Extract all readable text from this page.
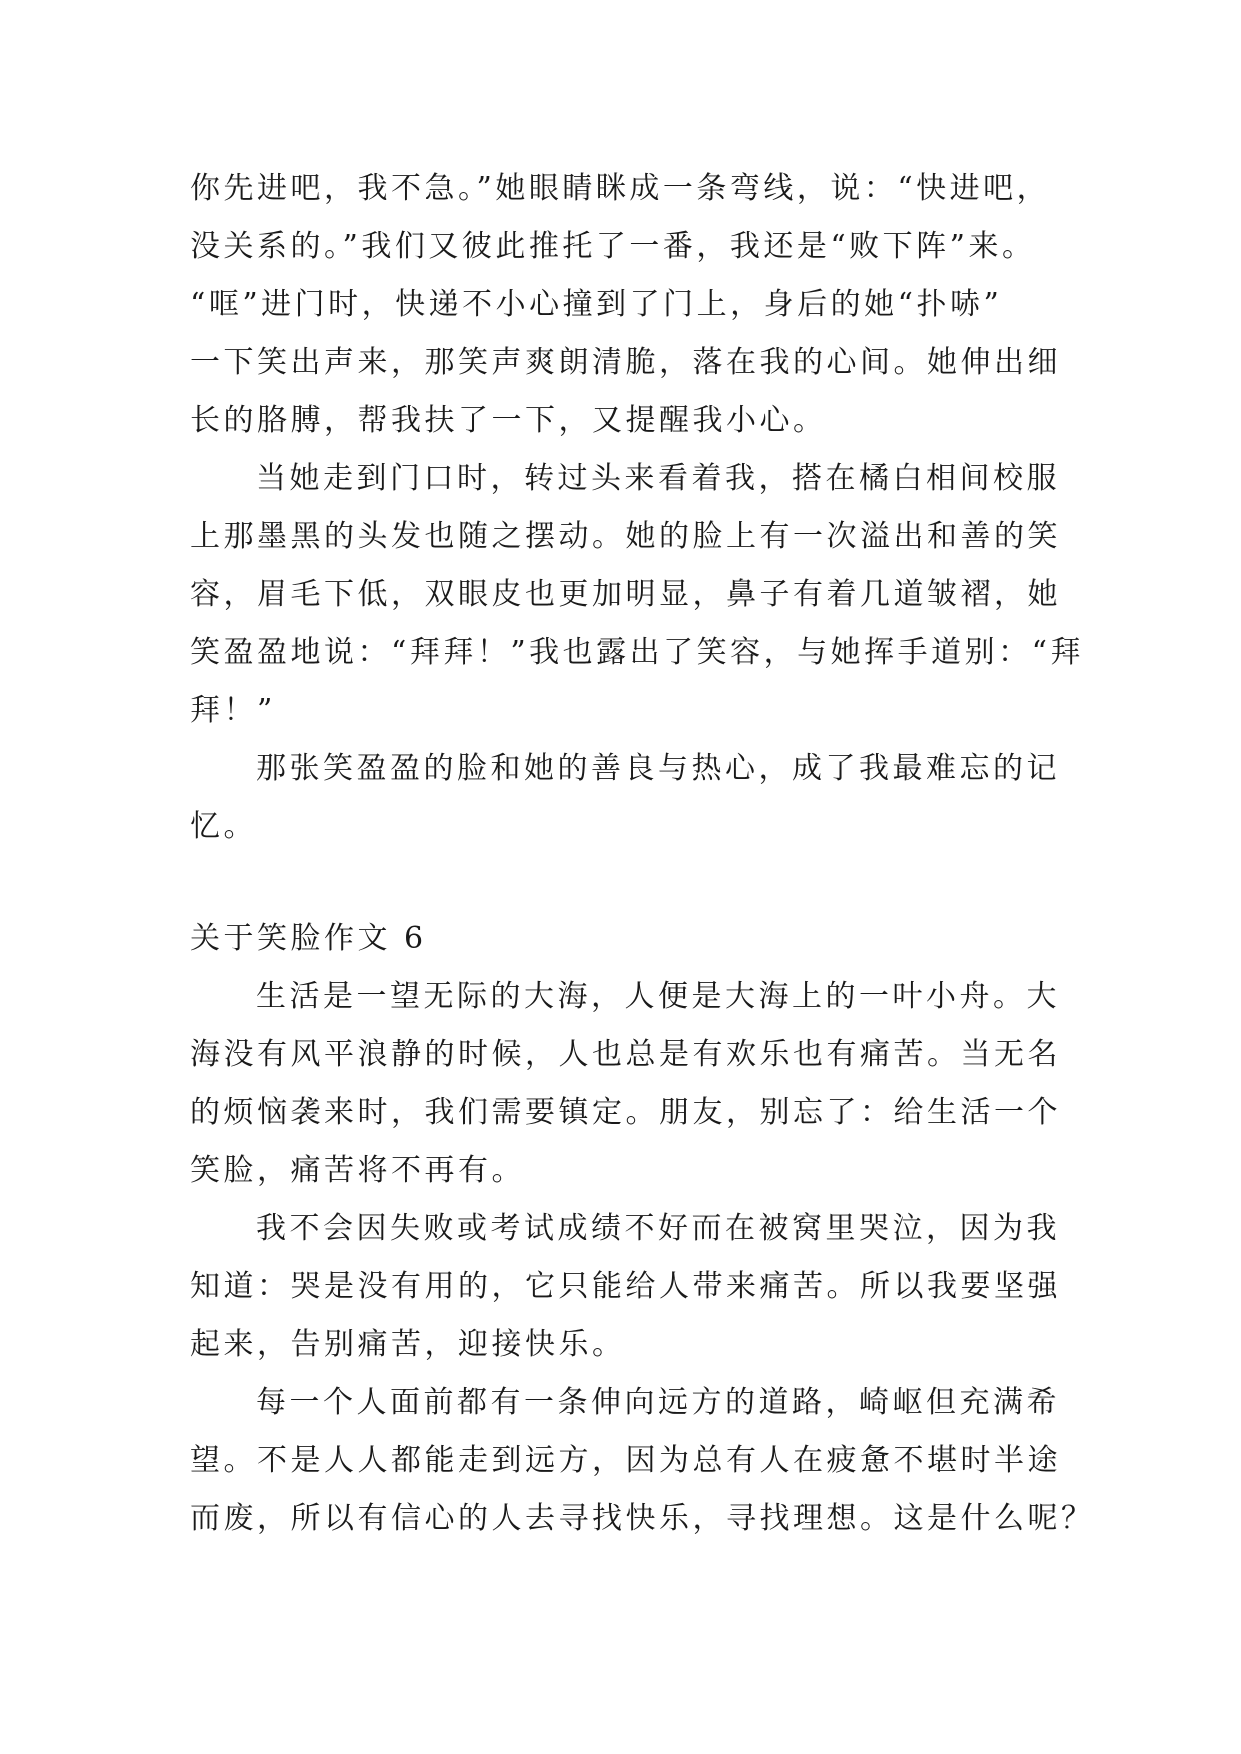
你先进吧，我不急。”她眼睛眯成一条弯线，说：“快进吧，
没关系的。”我们又彼此推托了一番，我还是“败下阵”来。
“哐”进门时，快递不小心撞到了门上，身后的她“扑哧”
一下笑出声来，那笑声爽朗清脆，落在我的心间。她伸出细
长的胳膊，帮我扶了一下，又提醒我小心。
当她走到门口时，转过头来看着我，搭在橘白相间校服
上那墨黑的头发也随之摆动。她的脸上有一次溢出和善的笑
容，眉毛下低，双眼皮也更加明显，鼻子有着几道皱褶，她
笑盈盈地说：“拜拜！”我也露出了笑容，与她挥手道别：“拜
拜！”
那张笑盈盈的脸和她的善良与热心，成了我最难忘的记
忆。
关于笑脸作文 6
生活是一望无际的大海，人便是大海上的一叶小舟。大
海没有风平浪静的时候，人也总是有欢乐也有痛苦。当无名
的烦恼袭来时，我们需要镇定。朋友，别忘了：给生活一个
笑脸，痛苦将不再有。
我不会因失败或考试成绩不好而在被窝里哭泣，因为我
知道：哭是没有用的，它只能给人带来痛苦。所以我要坚强
起来，告别痛苦，迎接快乐。
每一个人面前都有一条伸向远方的道路，崎岖但充满希
望。不是人人都能走到远方，因为总有人在疲惫不堪时半途
而废，所以有信心的人去寻找快乐，寻找理想。这是什么呢？
